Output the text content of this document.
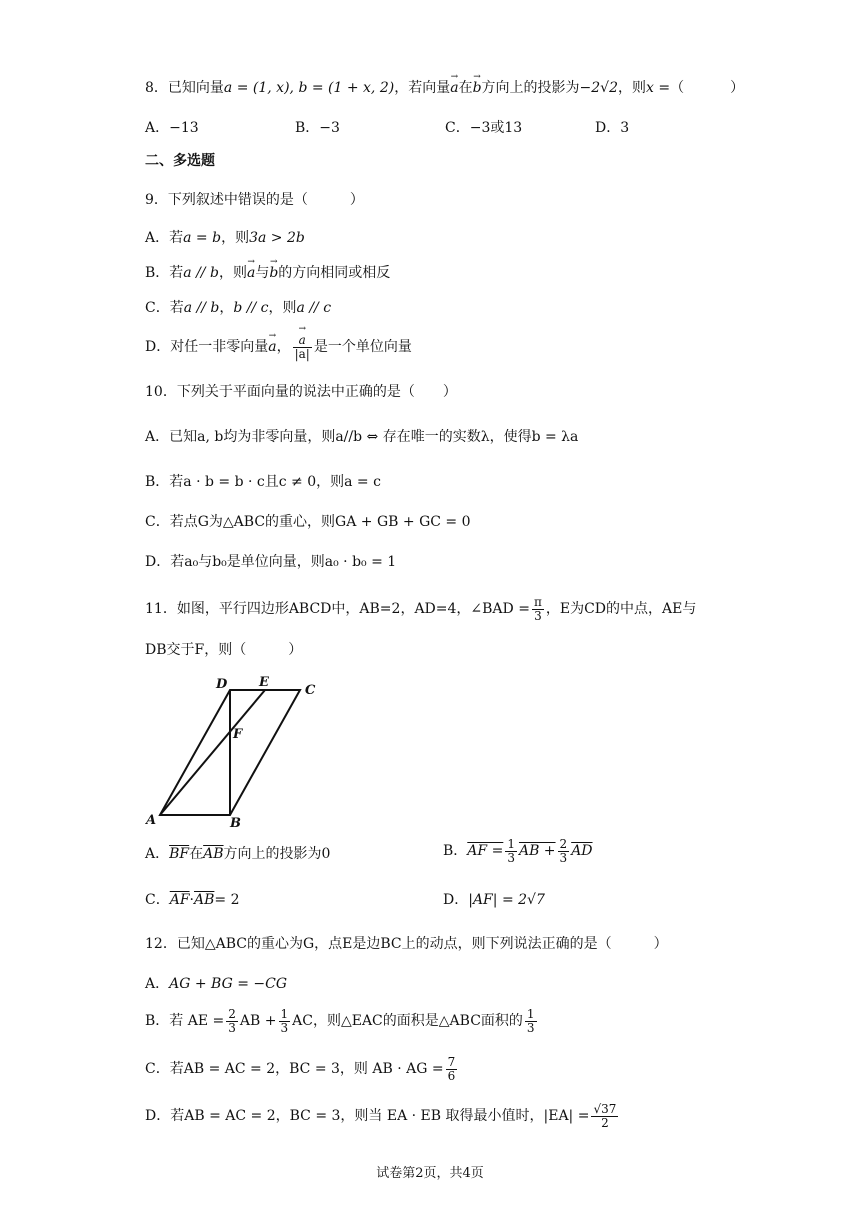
8．已知向量a = (1, x), b = (1 + x, 2)，若向量→ a在→ b方向上的投影为−2√2，则x =（	）
A．−13	B．−3	C．−3或13	D．3
二、多选题
9．下列叙述中错误的是（　　　）
A．若a = b，则3a > 2b
B．若a // b，则→ a与→ b的方向相同或相反
C．若a // b，b // c，则a // c
D．对任一非零向量→ a， → $\frac{a}{|a|}$ 是一个单位向量
10．下列关于平面向量的说法中正确的是（　　）
A．已知a, b均为非零向量，则a//b ⇔ 存在唯一的实数λ，使得b = λa
B．若a · b = b · c且c ≠ 0，则a = c
C．若点G为△ABC的重心，则GA + GB + GC = 0
D．若a₀与b₀是单位向量，则a₀ · b₀ = 1
11．如图，平行四边形ABCD中，AB=2，AD=4，∠BAD = $\frac{\pi}{3}$ ，E为CD的中点，AE与
DB交于F，则（　　　）
D E
C
F
A	B
A．$\overline{BF}$在$\overline{AB}$方向上的投影为0	B．AF = $\frac{1}{3}$ AB + $\frac{2}{3} \overline{AD}$
C．$\overline{AF}\cdot\overline{AB}= 2$	D．|AF| = 2√7
12．已知△ABC的重心为G，点E是边BC上的动点，则下列说法正确的是（　　　）
A．AG + BG = −CG
B．若 AE = $\frac{2}{3}$ AB + $\frac{1}{3}$ AC，则△EAC的面积是△ABC面积的 $\frac{1}{3}$
C．若AB = AC = 2，BC = 3，则 AB · AG = $\frac{7}{6}$
D．若AB = AC = 2，BC = 3，则当 EA · EB 取得最小值时，$|EA| = \frac{√37}{2}$
试卷第2页，共4页
